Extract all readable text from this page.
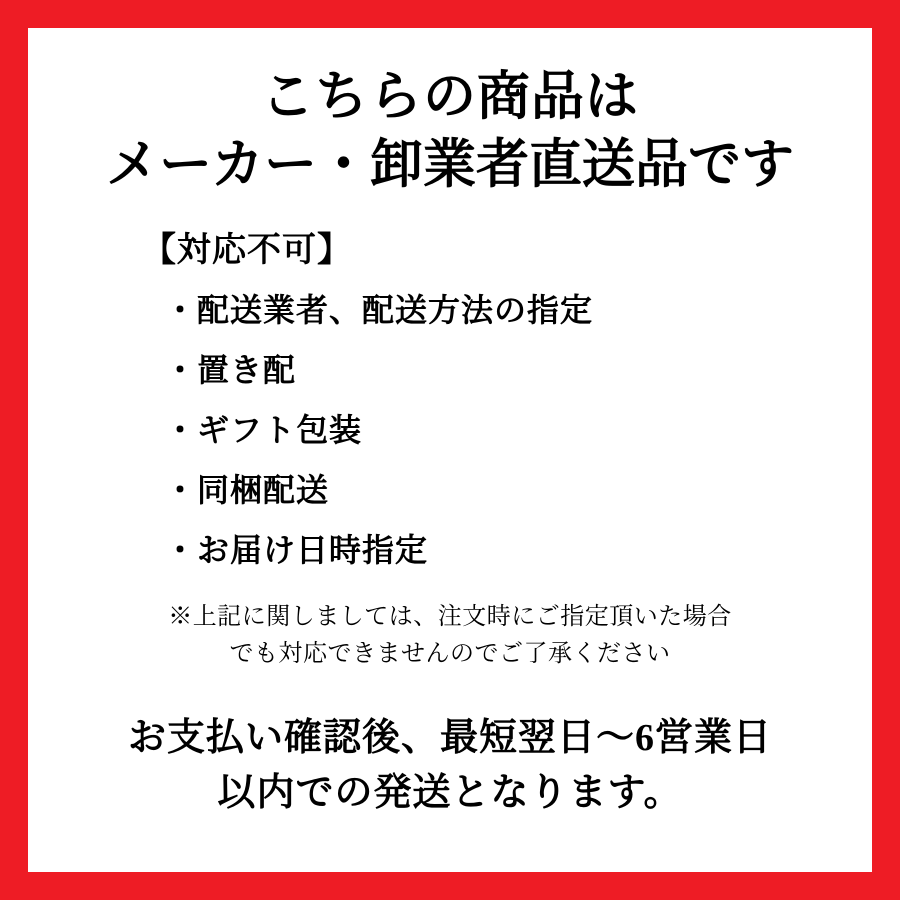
こちらの商品は
メーカー・卸業者直送品です
【対応不可】
・配送業者、配送方法の指定
・置き配
・ギフト包装
・同梱配送
・お届け日時指定
※上記に関しましては、注文時にご指定頂いた場合
でも対応できませんのでご了承ください
お支払い確認後、最短翌日〜6営業日
以内での発送となります。
